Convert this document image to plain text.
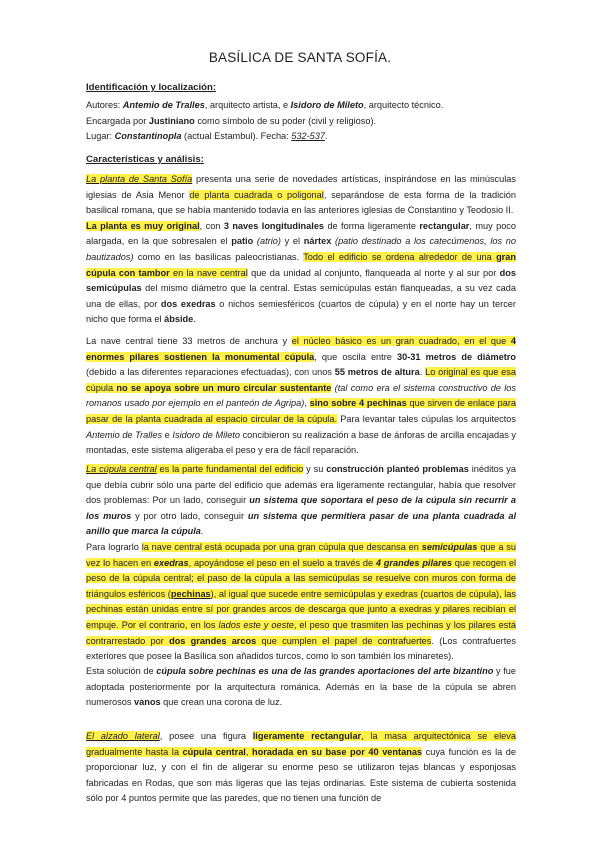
BASÍLICA DE SANTA SOFÍA.
Identificación y localización:
Autores: Antemio de Tralles, arquitecto artista, e Isidoro de Mileto, arquitecto técnico.
Encargada por Justiniano como símbolo de su poder (civil y religioso).
Lugar: Constantinopla (actual Estambul). Fecha: 532-537.
Características y análisis:
La planta de Santa Sofía presenta una serie de novedades artísticas, inspirándose en las minúsculas iglesias de Asia Menor de planta cuadrada o poligonal, separándose de esta forma de la tradición basilical romana, que se había mantenido todavía en las anteriores iglesias de Constantino y Teodosio II.
La planta es muy original, con 3 naves longitudinales de forma ligeramente rectangular, muy poco alargada, en la que sobresalen el patio (atrio) y el nártex (patio destinado a los catecúmenos, los no bautizados) como en las basílicas paleocristianas. Todo el edificio se ordena alrededor de una gran cúpula con tambor en la nave central que da unidad al conjunto, flanqueada al norte y al sur por dos semicúpulas del mismo diámetro que la central. Estas semicúpulas están flanqueadas, a su vez cada una de ellas, por dos exedras o nichos semiesféricos (cuartos de cúpula) y en el norte hay un tercer nicho que forma el ábside.
La nave central tiene 33 metros de anchura y el núcleo básico es un gran cuadrado, en el que 4 enormes pilares sostienen la monumental cúpula, que oscila entre 30-31 metros de diámetro (debido a las diferentes reparaciones efectuadas), con unos 55 metros de altura. Lo original es que esa cúpula no se apoya sobre un muro circular sustentante (tal como era el sistema constructivo de los romanos usado por ejemplo en el panteón de Agripa), sino sobre 4 pechinas que sirven de enlace para pasar de la planta cuadrada al espacio circular de la cúpula. Para levantar tales cúpulas los arquitectos Antemio de Tralles e Isidoro de Mileto concibieron su realización a base de ánforas de arcilla encajadas y montadas, este sistema aligeraba el peso y era de fácil reparación.
La cúpula central es la parte fundamental del edificio y su construcción planteó problemas inéditos ya que debía cubrir sólo una parte del edificio que además era ligeramente rectangular, había que resolver dos problemas: Por un lado, conseguir un sistema que soportara el peso de la cúpula sin recurrir a los muros y por otro lado, conseguir un sistema que permitiera pasar de una planta cuadrada al anillo que marca la cúpula.
Para lograrlo la nave central está ocupada por una gran cúpula que descansa en semicúpulas que a su vez lo hacen en exedras, apoyándose el peso en el suelo a través de 4 grandes pilares que recogen el peso de la cúpula central; el paso de la cúpula a las semicúpulas se resuelve con muros con forma de triángulos esféricos (pechinas), al igual que sucede entre semicúpulas y exedras (cuartos de cúpula), las pechinas están unidas entre sí por grandes arcos de descarga que junto a exedras y pilares recibían el empuje. Por el contrario, en los lados este y oeste, el peso que trasmiten las pechinas y los pilares está contrarrestado por dos grandes arcos que cumplen el papel de contrafuertes. (Los contrafuertes exteriores que posee la Basílica son añadidos turcos, como lo son también los minaretes).
Esta solución de cúpula sobre pechinas es una de las grandes aportaciones del arte bizantino y fue adoptada posteriormente por la arquitectura románica. Además en la base de la cúpula se abren numerosos vanos que crean una corona de luz.
El alzado lateral, posee una figura ligeramente rectangular, la masa arquitectónica se eleva gradualmente hasta la cúpula central, horadada en su base por 40 ventanas cuya función es la de proporcionar luz, y con el fin de aligerar su enorme peso se utilizaron tejas blancas y esponjosas fabricadas en Rodas, que son más ligeras que las tejas ordinarias. Este sistema de cubierta sostenida sólo por 4 puntos permite que las paredes, que no tienen una función de
